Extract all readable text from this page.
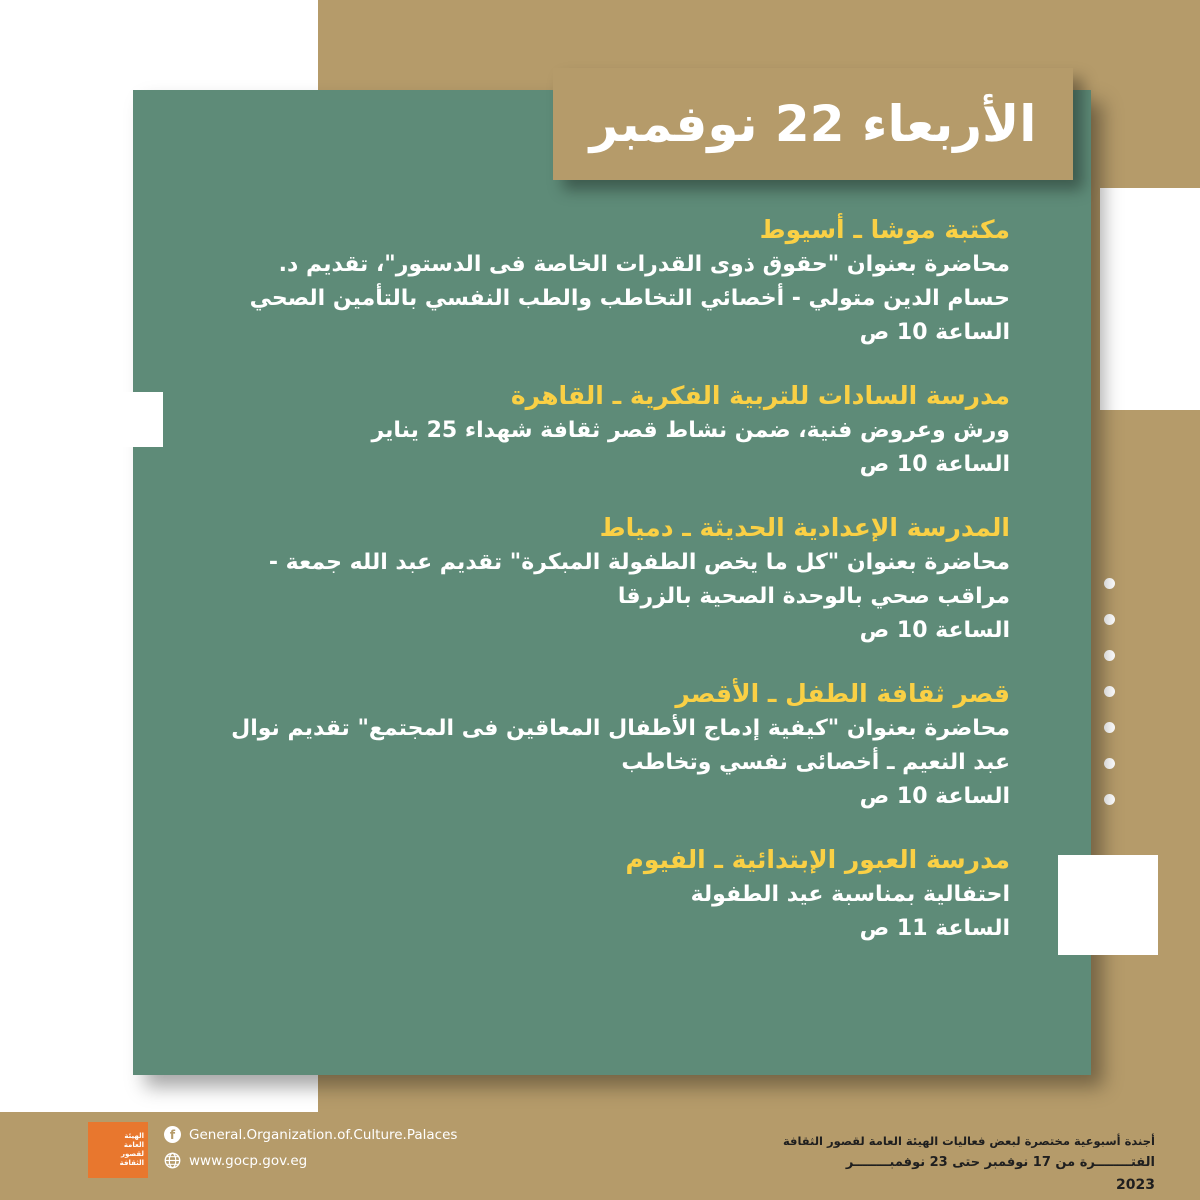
الأربعاء 22 نوفمبر
مكتبة موشا ـ أسيوط
محاضرة بعنوان "حقوق ذوى القدرات الخاصة فى الدستور"، تقديم د.
حسام الدين متولي - أخصائي التخاطب والطب النفسي بالتأمين الصحي
الساعة 10 ص
مدرسة السادات للتربية الفكرية ـ القاهرة
ورش وعروض فنية، ضمن نشاط قصر ثقافة شهداء 25 يناير
الساعة 10 ص
المدرسة الإعدادية الحديثة ـ دمياط
محاضرة بعنوان "كل ما يخص الطفولة المبكرة" تقديم عبد الله جمعة -
مراقب صحي بالوحدة الصحية بالزرقا
الساعة 10 ص
قصر ثقافة الطفل ـ الأقصر
محاضرة بعنوان "كيفية إدماج الأطفال المعاقين فى المجتمع" تقديم نوال
عبد النعيم ـ أخصائى نفسي وتخاطب
الساعة 10 ص
مدرسة العبور الإبتدائية ـ الفيوم
احتفالية بمناسبة عيد الطفولة
الساعة 11 ص
الهيئة
العامة
لقصور
الثقافة
f	General.Organization.of.Culture.Palaces
www.gocp.gov.eg
أجندة أسبوعية مختصرة لبعض فعاليات الهيئة العامة لقصور الثقافة
الفتــــــــرة من 17 نوفمبر حتى 23 نوفمبــــــــر
2023
